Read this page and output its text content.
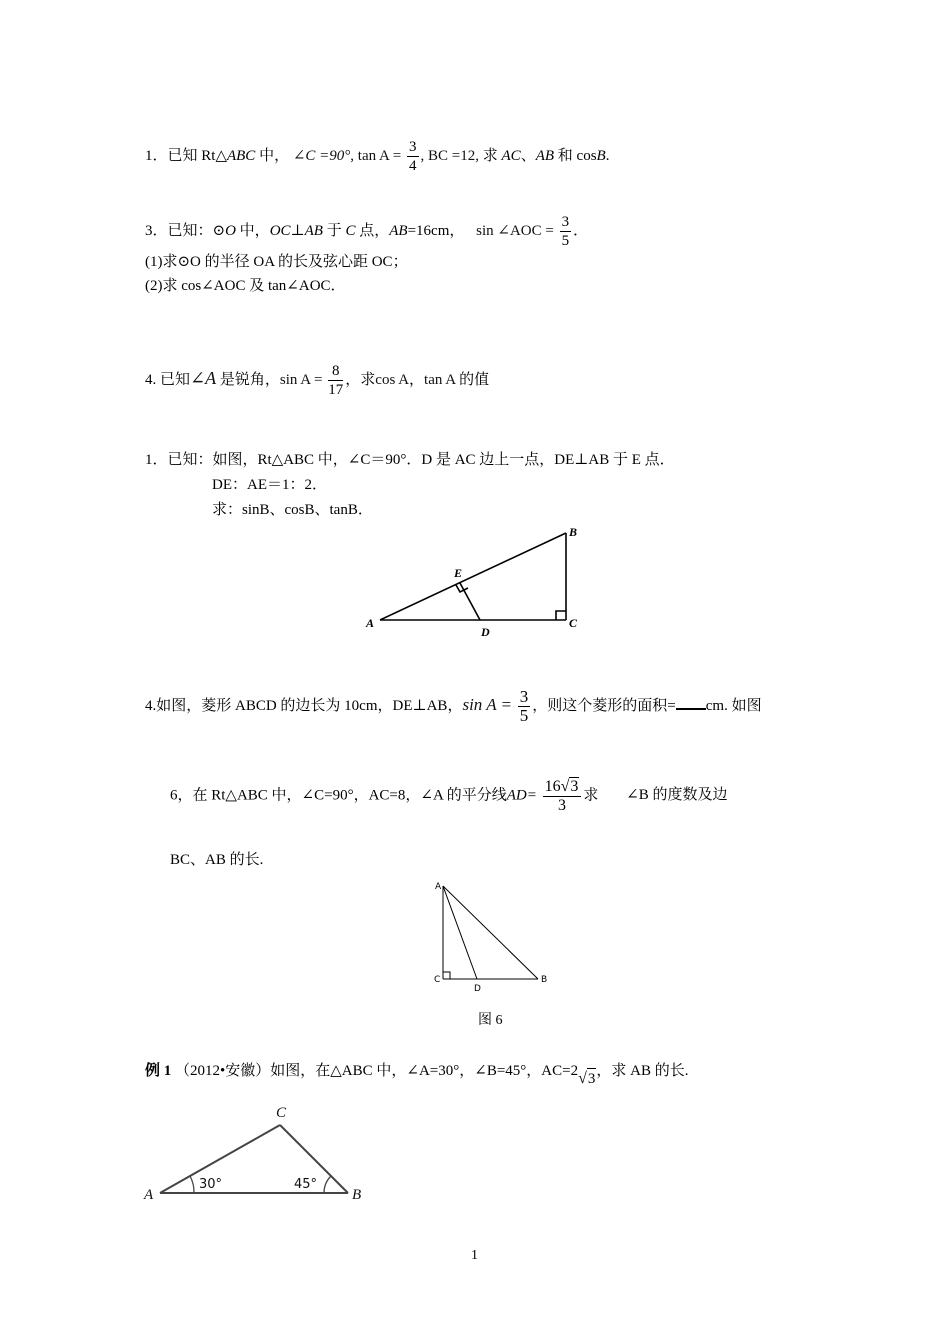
1．已知 Rt△ABC 中， ∠C =90°, $\tan A = \frac{3}{4}$ , BC =12, 求 AC、AB 和 cosB.
3．已知：⊙O 中，OC⊥AB 于 C 点，AB=16cm， sin ∠AOC = $\frac{3}{5}$ ．
(1)求⊙O 的半径 OA 的长及弦心距 OC；
(2)求 cos∠AOC 及 tan∠AOC．
4. 已知∠A 是锐角，$\sin A = \frac{8}{17}$ ，求cos A，tan A 的值
1．已知：如图，Rt△ABC 中，∠C＝90°．D 是 AC 边上一点，DE⊥AB 于 E 点．
DE：AE＝1：2．
求：sinB、cosB、tanB．
A
B
C
D
E
4.如图，菱形 ABCD 的边长为 10cm，DE⊥AB，$\sin A = \frac{3}{5}$ ，则这个菱形的面积= cm. 如图
6，在 Rt△ABC 中，∠C=90°，AC=8，∠A 的平分线$AD= \frac{16√3}{3}$ 求 ∠B 的度数及边
BC、AB 的长.
A
B
C
D
图 6
例 1 （2012•安徽）如图，在△ABC 中，∠A=30°，∠B=45°，AC=2√3，求 AB 的长.
A	B
C
30°	45°
1
